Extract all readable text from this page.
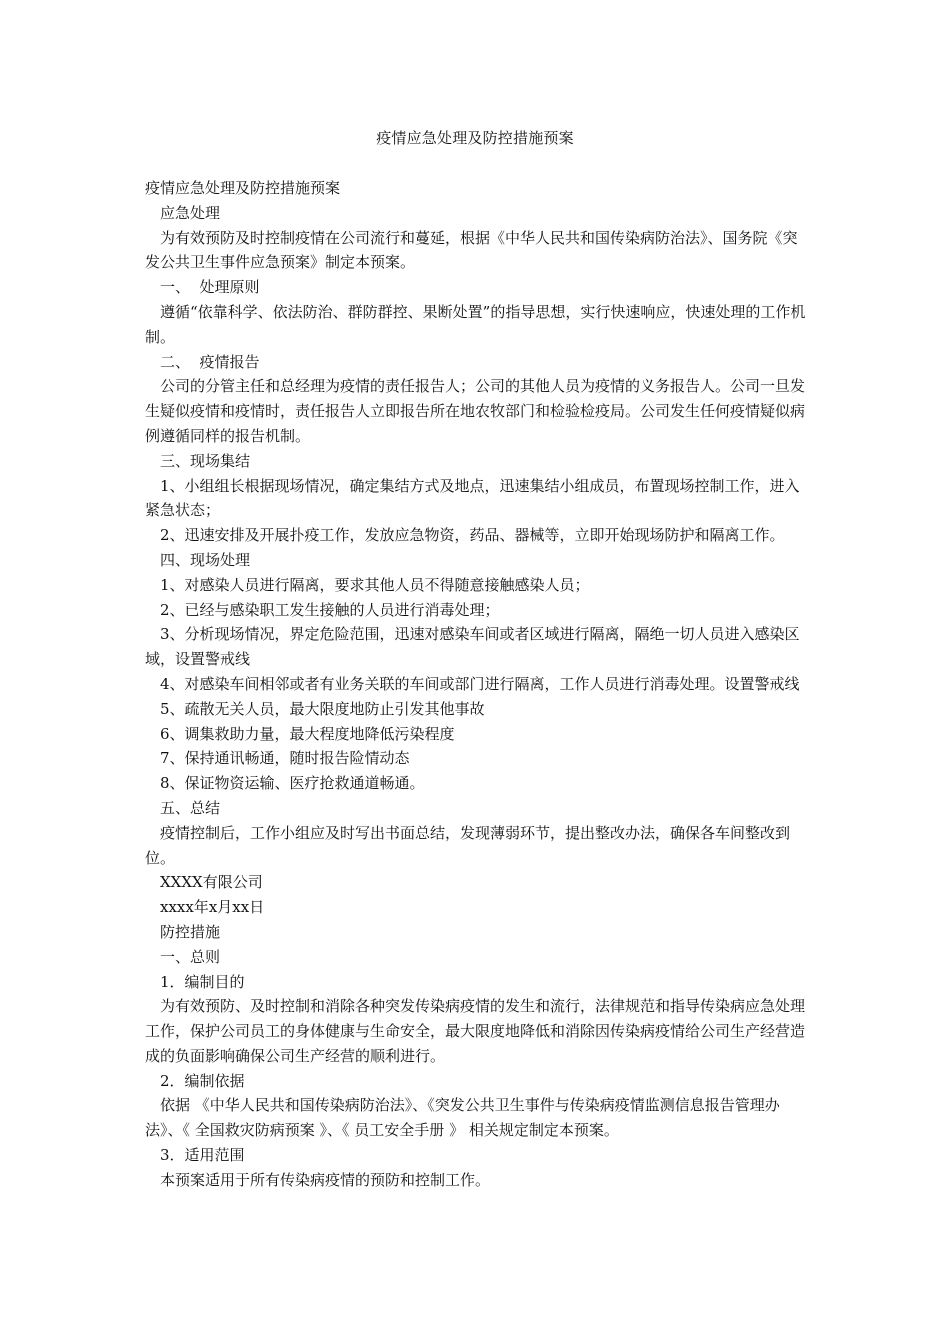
疫情应急处理及防控措施预案

疫情应急处理及防控措施预案

应急处理

为有效预防及时控制疫情在公司流行和蔓延，根据《中华人民共和国传染病防治法》、国务院《突发公共卫生事件应急预案》制定本预案。

一、  处理原则

遵循“依靠科学、依法防治、群防群控、果断处置”的指导思想，实行快速响应，快速处理的工作机制。

二、  疫情报告

公司的分管主任和总经理为疫情的责任报告人；公司的其他人员为疫情的义务报告人。公司一旦发生疑似疫情和疫情时，责任报告人立即报告所在地农牧部门和检验检疫局。公司发生任何疫情疑似病例遵循同样的报告机制。

三、现场集结

1、小组组长根据现场情况，确定集结方式及地点，迅速集结小组成员，布置现场控制工作，进入紧急状态；

2、迅速安排及开展扑疫工作，发放应急物资，药品、器械等，立即开始现场防护和隔离工作。

四、现场处理

1、对感染人员进行隔离，要求其他人员不得随意接触感染人员；

2、已经与感染职工发生接触的人员进行消毒处理；

3、分析现场情况，界定危险范围，迅速对感染车间或者区域进行隔离，隔绝一切人员进入感染区域，设置警戒线

4、对感染车间相邻或者有业务关联的车间或部门进行隔离，工作人员进行消毒处理。设置警戒线

5、疏散无关人员，最大限度地防止引发其他事故

6、调集救助力量，最大程度地降低污染程度

7、保持通讯畅通，随时报告险情动态

8、保证物资运输、医疗抢救通道畅通。

五、总结

疫情控制后，工作小组应及时写出书面总结，发现薄弱环节，提出整改办法，确保各车间整改到位。

XXXX有限公司

xxxx年x月xx日

防控措施

一、总则

1．编制目的

为有效预防、及时控制和消除各种突发传染病疫情的发生和流行，法律规范和指导传染病应急处理工作，保护公司员工的身体健康与生命安全，最大限度地降低和消除因传染病疫情给公司生产经营造成的负面影响确保公司生产经营的顺利进行。

2．编制依据

依据 《中华人民共和国传染病防治法》、《突发公共卫生事件与传染病疫情监测信息报告管理办法》、《 全国救灾防病预案 》、《 员工安全手册 》 相关规定制定本预案。

3．适用范围

本预案适用于所有传染病疫情的预防和控制工作。
